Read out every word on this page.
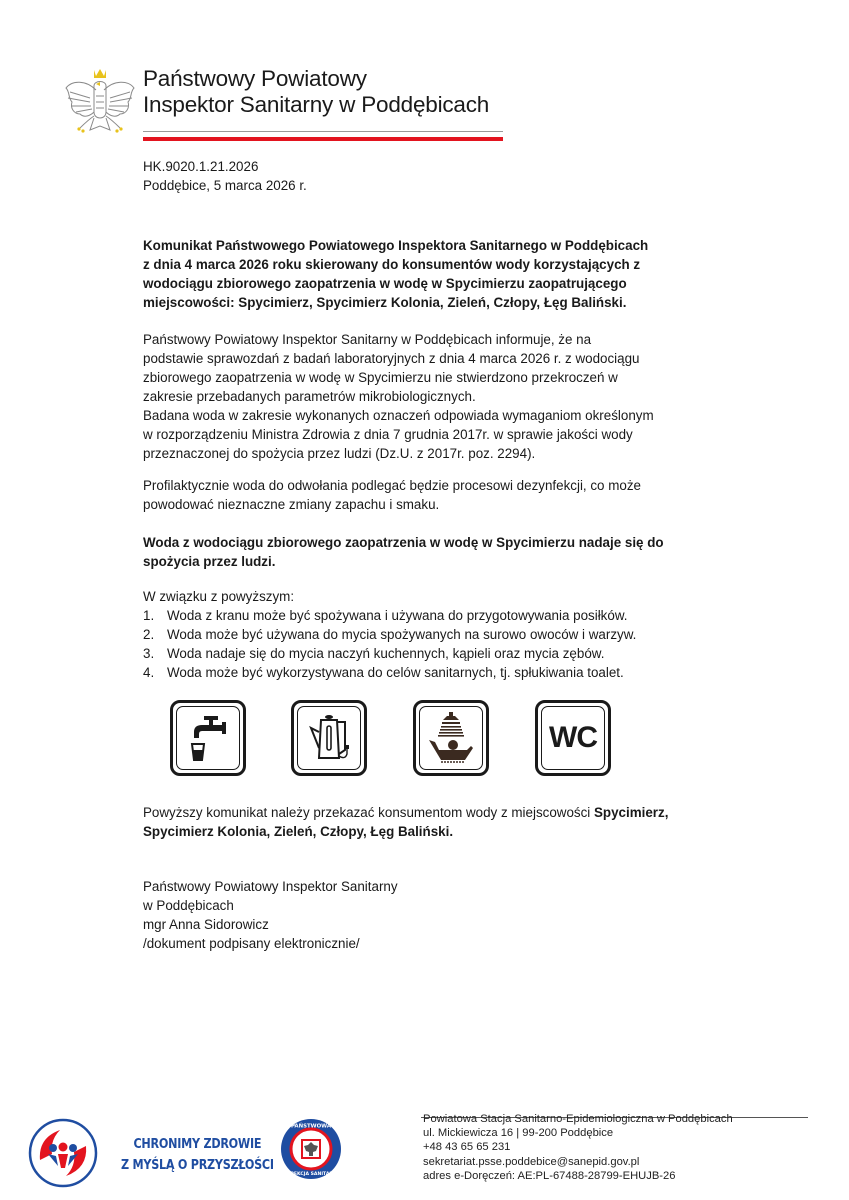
Państwowy Powiatowy
Inspektor Sanitarny w Poddębicach
HK.9020.1.21.2026
Poddębice, 5 marca 2026 r.
Komunikat Państwowego Powiatowego Inspektora Sanitarnego w Poddębicach
z dnia 4 marca 2026 roku skierowany do konsumentów wody korzystających z
wodociągu zbiorowego zaopatrzenia w wodę w Spycimierzu zaopatrującego
miejscowości: Spycimierz, Spycimierz Kolonia, Zieleń, Człopy, Łęg Baliński.
Państwowy Powiatowy Inspektor Sanitarny w Poddębicach informuje, że na
podstawie sprawozdań z badań laboratoryjnych z dnia 4 marca 2026 r. z wodociągu
zbiorowego zaopatrzenia w wodę w Spycimierzu nie stwierdzono przekroczeń w
zakresie przebadanych parametrów mikrobiologicznych.
Badana woda w zakresie wykonanych oznaczeń odpowiada wymaganiom określonym
w rozporządzeniu Ministra Zdrowia z dnia 7 grudnia 2017r. w sprawie jakości wody
przeznaczonej do spożycia przez ludzi (Dz.U. z 2017r. poz. 2294).
Profilaktycznie woda do odwołania podlegać będzie procesowi dezynfekcji, co może
powodować nieznaczne zmiany zapachu i smaku.
Woda z wodociągu zbiorowego zaopatrzenia w wodę w Spycimierzu nadaje się do
spożycia przez ludzi.
W związku z powyższym:
1. Woda z kranu może być spożywana i używana do przygotowywania posiłków.
2. Woda może być używana do mycia spożywanych na surowo owoców i warzyw.
3. Woda nadaje się do mycia naczyń kuchennych, kąpieli oraz mycia zębów.
4. Woda może być wykorzystywana do celów sanitarnych, tj. spłukiwania toalet.
WC
Powyższy komunikat należy przekazać konsumentom wody z miejscowości Spycimierz,
Spycimierz Kolonia, Zieleń, Człopy, Łęg Baliński.
Państwowy Powiatowy Inspektor Sanitarny
w Poddębicach
mgr Anna Sidorowicz
/dokument podpisany elektronicznie/
CHRONIMY ZDROWIE
Z MYŚLĄ O PRZYSZŁOŚCI
PAŃSTWOWA
INSPEKCJA SANITARNA
Powiatowa Stacja Sanitarno-Epidemiologiczna w Poddębicach
ul. Mickiewicza 16 | 99-200 Poddębice
+48 43 65 65 231
sekretariat.psse.poddebice@sanepid.gov.pl
adres e-Doręczeń: AE:PL-67488-28799-EHUJB-26
